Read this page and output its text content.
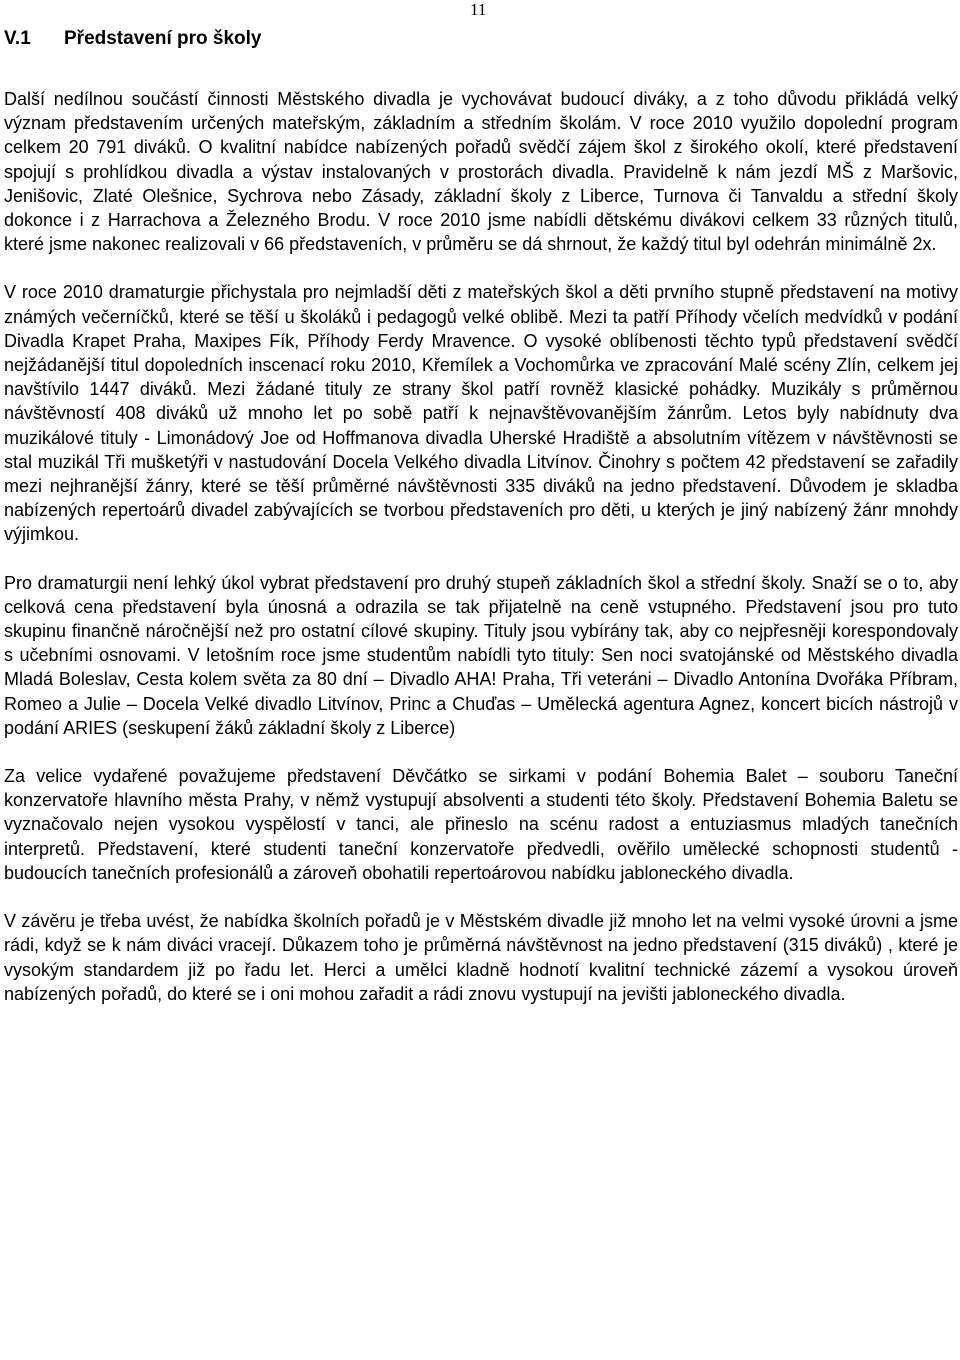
11
V.1 Představení pro školy

Další nedílnou součástí činnosti Městského divadla je vychovávat budoucí diváky, a z toho důvodu přikládá velký význam představením určených mateřským, základním a středním školám. V roce 2010 využilo dopolední program celkem 20 791 diváků. O kvalitní nabídce nabízených pořadů svědčí zájem škol z širokého okolí, které představení spojují s prohlídkou divadla a výstav instalovaných v prostorách divadla. Pravidelně k nám jezdí MŠ z Maršovic, Jenišovic, Zlaté Olešnice, Sychrova nebo Zásady, základní školy z Liberce, Turnova či Tanvaldu a střední školy dokonce i z Harrachova a Železného Brodu. V roce 2010 jsme nabídli dětskému divákovi celkem 33 různých titulů, které jsme nakonec realizovali v 66 představeních, v průměru se dá shrnout, že každý titul byl odehrán minimálně 2x.

V roce 2010 dramaturgie přichystala pro nejmladší děti z mateřských škol a děti prvního stupně představení na motivy známých večerníčků, které se těší u školáků i pedagogů velké oblibě. Mezi ta patří Příhody včelích medvídků v podání Divadla Krapet Praha, Maxipes Fík, Příhody Ferdy Mravence. O vysoké oblíbenosti těchto typů představení svědčí nejžádanější titul dopoledních inscenací roku 2010, Křemílek a Vochomůrka ve zpracování Malé scény Zlín, celkem jej navštívilo 1447 diváků. Mezi žádané tituly ze strany škol patří rovněž klasické pohádky. Muzikály s průměrnou návštěvností 408 diváků už mnoho let po sobě patří k nejnavštěvovanějším žánrům. Letos byly nabídnuty dva muzikálové tituly - Limonádový Joe od Hoffmanova divadla Uherské Hradiště a absolutním vítězem v návštěvnosti se stal muzikál Tři mušketýři v nastudování Docela Velkého divadla Litvínov. Činohry s počtem 42 představení se zařadily mezi nejhranější žánry, které se těší průměrné návštěvnosti 335 diváků na jedno představení. Důvodem je skladba nabízených repertoárů divadel zabývajících se tvorbou představeních pro děti, u kterých je jiný nabízený žánr mnohdy výjimkou.

Pro dramaturgii není lehký úkol vybrat představení pro druhý stupeň základních škol a střední školy. Snaží se o to, aby celková cena představení byla únosná a odrazila se tak přijatelně na ceně vstupného. Představení jsou pro tuto skupinu finančně náročnější než pro ostatní cílové skupiny. Tituly jsou vybírány tak, aby co nejpřesněji korespondovaly s učebními osnovami. V letošním roce jsme studentům nabídli tyto tituly: Sen noci svatojánské od Městského divadla Mladá Boleslav, Cesta kolem světa za 80 dní – Divadlo AHA! Praha, Tři veteráni – Divadlo Antonína Dvořáka Příbram, Romeo a Julie – Docela Velké divadlo Litvínov, Princ a Chuďas – Umělecká agentura Agnez, koncert bicích nástrojů v podání ARIES (seskupení žáků základní školy z Liberce)

Za velice vydařené považujeme představení Děvčátko se sirkami v podání Bohemia Balet – souboru Taneční konzervatoře hlavního města Prahy, v němž vystupují absolventi a studenti této školy. Představení Bohemia Baletu se vyznačovalo nejen vysokou vyspělostí v tanci, ale přineslo na scénu radost a entuziasmus mladých tanečních interpretů. Představení, které studenti taneční konzervatoře předvedli, ověřilo umělecké schopnosti studentů - budoucích tanečních profesionálů a zároveň obohatili repertoárovou nabídku jabloneckého divadla.

V závěru je třeba uvést, že nabídka školních pořadů je v Městském divadle již mnoho let na velmi vysoké úrovni a jsme rádi, když se k nám diváci vracejí. Důkazem toho je průměrná návštěvnost na jedno představení (315 diváků) , které je vysokým standardem již po řadu let. Herci a umělci kladně hodnotí kvalitní technické zázemí a vysokou úroveň nabízených pořadů, do které se i oni mohou zařadit a rádi znovu vystupují na jevišti jabloneckého divadla.
